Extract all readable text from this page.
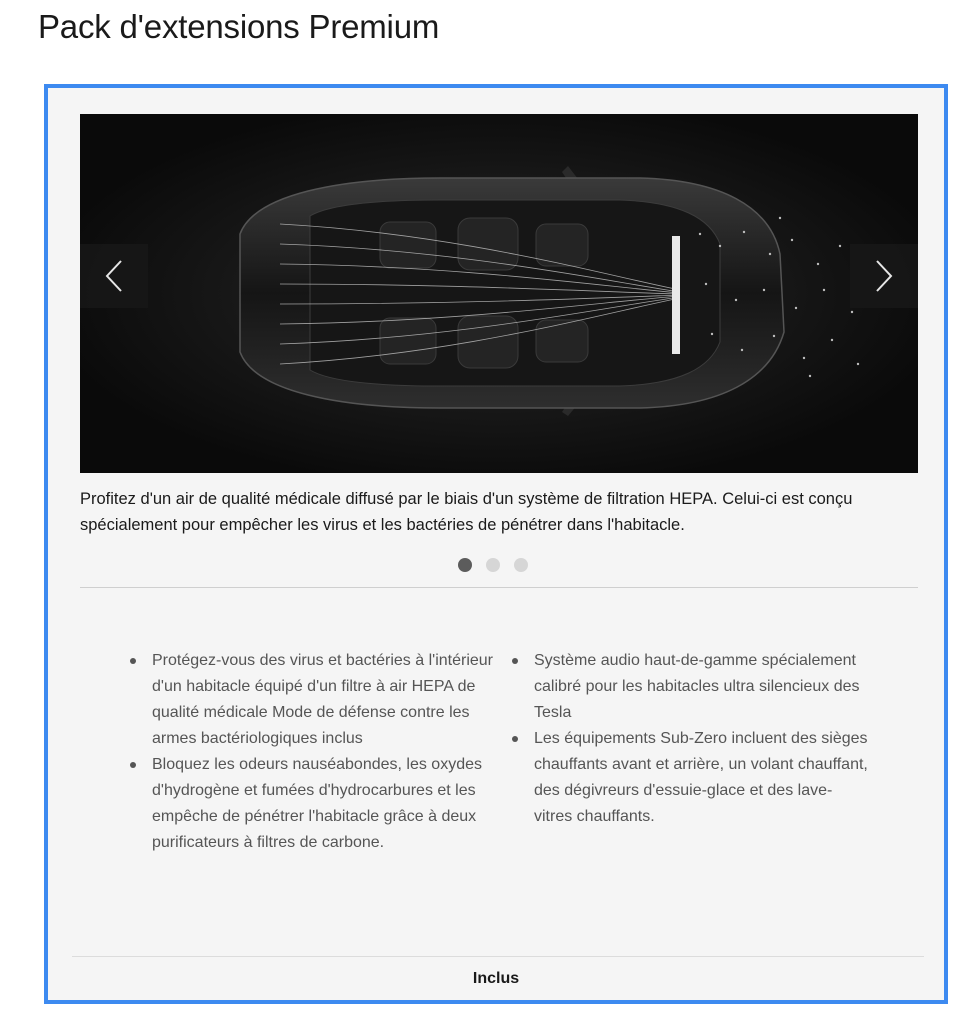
Pack d'extensions Premium

Profitez d'un air de qualité médicale diffusé par le biais d'un système de filtration HEPA. Celui-ci est conçu spécialement pour empêcher les virus et les bactéries de pénétrer dans l'habitacle.

Protégez-vous des virus et bactéries à l'intérieur d'un habitacle équipé d'un filtre à air HEPA de qualité médicale Mode de défense contre les armes bactériologiques inclus
Bloquez les odeurs nauséabondes, les oxydes d'hydrogène et fumées d'hydrocarbures et les empêche de pénétrer l'habitacle grâce à deux purificateurs à filtres de carbone.
Système audio haut-de-gamme spécialement calibré pour les habitacles ultra silencieux des Tesla
Les équipements Sub-Zero incluent des sièges chauffants avant et arrière, un volant chauffant, des dégivreurs d'essuie-glace et des lave-vitres chauffants.
Inclus
